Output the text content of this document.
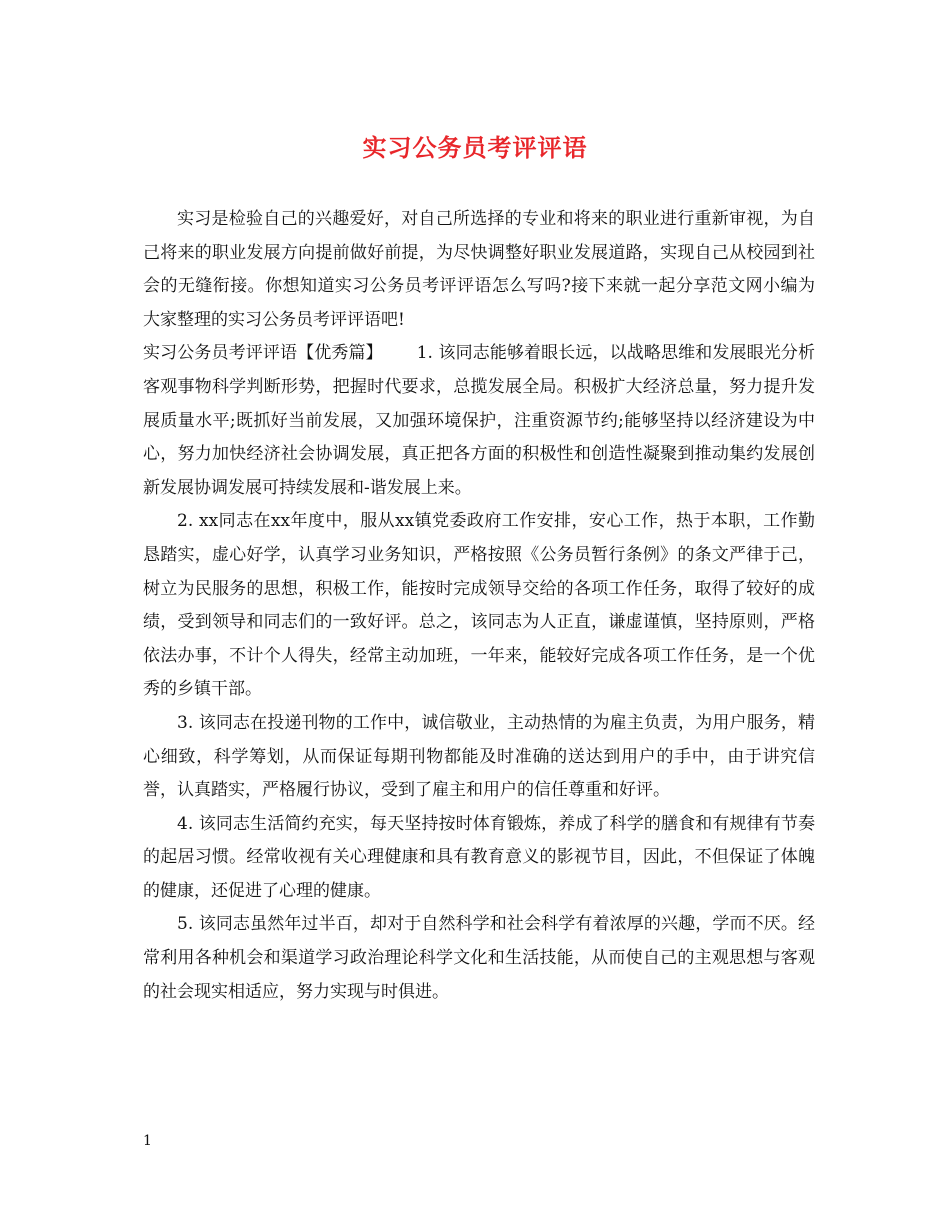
实习公务员考评评语

实习是检验自己的兴趣爱好，对自己所选择的专业和将来的职业进行重新审视，为自己将来的职业发展方向提前做好前提，为尽快调整好职业发展道路，实现自己从校园到社会的无缝衔接。你想知道实习公务员考评评语怎么写吗?接下来就一起分享范文网小编为大家整理的实习公务员考评评语吧!

实习公务员考评评语【优秀篇】   1. 该同志能够着眼长远，以战略思维和发展眼光分析客观事物科学判断形势，把握时代要求，总揽发展全局。积极扩大经济总量，努力提升发展质量水平;既抓好当前发展，又加强环境保护，注重资源节约;能够坚持以经济建设为中心，努力加快经济社会协调发展，真正把各方面的积极性和创造性凝聚到推动集约发展创新发展协调发展可持续发展和-谐发展上来。

2. xx同志在xx年度中，服从xx镇党委政府工作安排，安心工作，热于本职，工作勤恳踏实，虚心好学，认真学习业务知识，严格按照《公务员暂行条例》的条文严律于己，树立为民服务的思想，积极工作，能按时完成领导交给的各项工作任务，取得了较好的成绩，受到领导和同志们的一致好评。总之，该同志为人正直，谦虚谨慎，坚持原则，严格依法办事，不计个人得失，经常主动加班，一年来，能较好完成各项工作任务，是一个优秀的乡镇干部。

3. 该同志在投递刊物的工作中，诚信敬业，主动热情的为雇主负责，为用户服务，精心细致，科学筹划，从而保证每期刊物都能及时准确的送达到用户的手中，由于讲究信誉，认真踏实，严格履行协议，受到了雇主和用户的信任尊重和好评。

4. 该同志生活简约充实，每天坚持按时体育锻炼，养成了科学的膳食和有规律有节奏的起居习惯。经常收视有关心理健康和具有教育意义的影视节目，因此，不但保证了体魄的健康，还促进了心理的健康。

5. 该同志虽然年过半百，却对于自然科学和社会科学有着浓厚的兴趣，学而不厌。经常利用各种机会和渠道学习政治理论科学文化和生活技能，从而使自己的主观思想与客观的社会现实相适应，努力实现与时俱进。

1
